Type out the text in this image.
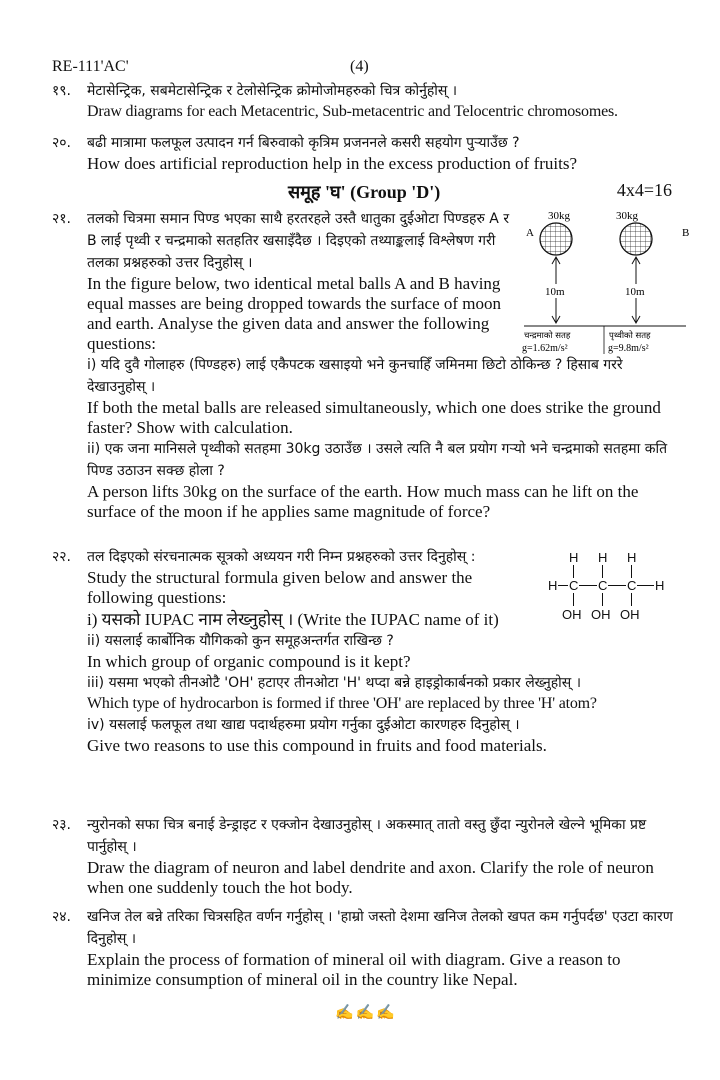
RE-111'AC'	(4)
१९.	मेटासेन्ट्रिक, सबमेटासेन्ट्रिक र टेलोसेन्ट्रिक क्रोमोजोमहरुको चित्र कोर्नुहोस् ।
Draw diagrams for each Metacentric, Sub-metacentric and Telocentric chromosomes.
२०.	बढी मात्रामा फलफूल उत्पादन गर्न बिरुवाको कृत्रिम प्रजननले कसरी सहयोग पुऱ्याउँछ ?
How does artificial reproduction help in the excess production of fruits?
समूह 'घ' (Group 'D')	4x4=16
२१.	तलको चित्रमा समान पिण्ड भएका साथै हरतरहले उस्तै धातुका दुईओटा पिण्डहरु A र B लाई पृथ्वी र चन्द्रमाको सतहतिर खसाइँदैछ । दिइएको तथ्याङ्कलाई विश्लेषण गरी तलका प्रश्नहरुको उत्तर दिनुहोस् ।
In the figure below, two identical metal balls A and B having equal masses are being dropped towards the surface of moon and earth. Analyse the given data and answer the following questions:
i) यदि दुवै गोलाहरु (पिण्डहरु) लाई एकैपटक खसाइयो भने कुनचाहिँ जमिनमा छिटो ठोकिन्छ ? हिसाब गररे देखाउनुहोस् ।
If both the metal balls are released simultaneously, which one does strike the ground faster? Show with calculation.
ii) एक जना मानिसले पृथ्वीको सतहमा 30kg उठाउँछ । उसले त्यति नै बल प्रयोग गऱ्यो भने चन्द्रमाको सतहमा कति पिण्ड उठाउन सक्छ होला ?
A person lifts 30kg on the surface of the earth. How much mass can he lift on the surface of the moon if he applies same magnitude of force?
30kg	30kg
A	B
10m	10m
चन्द्रमाको सतह	पृथ्वीको सतह
g=1.62m/s²	g=9.8m/s²
२२.	तल दिइएको संरचनात्मक सूत्रको अध्ययन गरी निम्न प्रश्नहरुको उत्तर दिनुहोस् :
Study the structural formula given below and answer the following questions:
i) यसको IUPAC नाम लेख्नुहोस् । (Write the IUPAC name of it)
ii) यसलाई कार्बोनिक यौगिकको कुन समूहअन्तर्गत राखिन्छ ?
In which group of organic compound is it kept?
iii) यसमा भएको तीनओटै 'OH' हटाएर तीनओटा 'H' थप्दा बन्ने हाइड्रोकार्बनको प्रकार लेख्नुहोस् ।
Which type of hydrocarbon is formed if three 'OH' are replaced by three 'H' atom?
iv) यसलाई फलफूल तथा खाद्य पदार्थहरुमा प्रयोग गर्नुका दुईओटा कारणहरु दिनुहोस् ।
Give two reasons to use this compound in fruits and food materials.
H H H
H C C C H
OH OH OH
२३.	न्युरोनको सफा चित्र बनाई डेन्ड्राइट र एक्जोन देखाउनुहोस् । अकस्मात् तातो वस्तु छुँदा न्युरोनले खेल्ने भूमिका प्रष्ट पार्नुहोस् ।
Draw the diagram of neuron and label dendrite and axon. Clarify the role of neuron when one suddenly touch the hot body.
२४.	खनिज तेल बन्ने तरिका चित्रसहित वर्णन गर्नुहोस् । 'हाम्रो जस्तो देशमा खनिज तेलको खपत कम गर्नुपर्दछ' एउटा कारण दिनुहोस् ।
Explain the process of formation of mineral oil with diagram. Give a reason to minimize consumption of mineral oil in the country like Nepal.
✍✍✍
